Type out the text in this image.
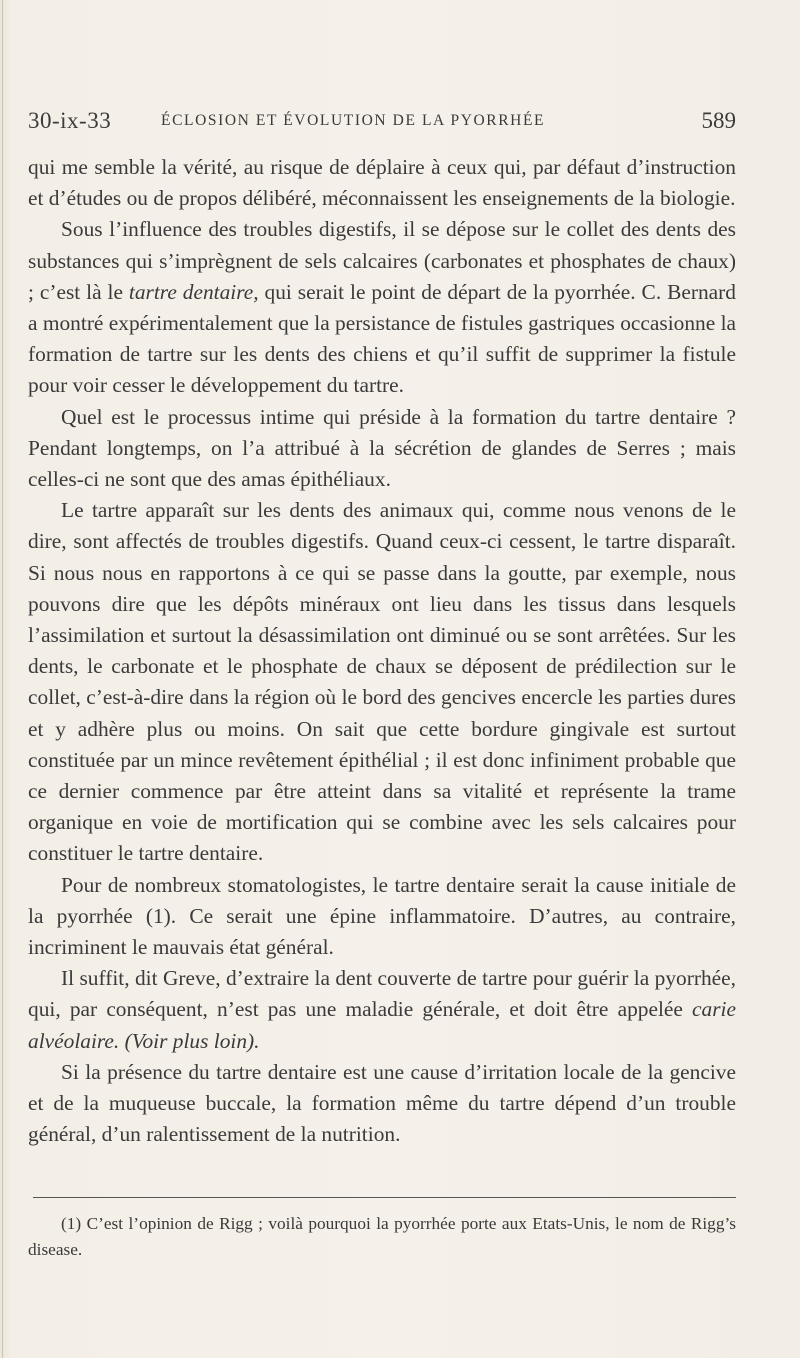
30-ix-33	ÉCLOSION ET ÉVOLUTION DE LA PYORRHÉE	589

qui me semble la vérité, au risque de déplaire à ceux qui, par défaut d’instruction et d’études ou de propos délibéré, méconnaissent les enseignements de la biologie.

Sous l’influence des troubles digestifs, il se dépose sur le collet des dents des substances qui s’imprègnent de sels calcaires (carbonates et phosphates de chaux) ; c’est là le tartre dentaire, qui serait le point de départ de la pyorrhée. C. Bernard a montré expérimentalement que la persistance de fistules gastriques occasionne la formation de tartre sur les dents des chiens et qu’il suffit de supprimer la fistule pour voir cesser le développement du tartre.

Quel est le processus intime qui préside à la formation du tartre dentaire ? Pendant longtemps, on l’a attribué à la sécrétion de glandes de Serres ; mais celles-ci ne sont que des amas épithéliaux.

Le tartre apparaît sur les dents des animaux qui, comme nous venons de le dire, sont affectés de troubles digestifs. Quand ceux-ci cessent, le tartre disparaît. Si nous nous en rapportons à ce qui se passe dans la goutte, par exemple, nous pouvons dire que les dépôts minéraux ont lieu dans les tissus dans lesquels l’assimilation et surtout la désassimilation ont diminué ou se sont arrêtées. Sur les dents, le carbonate et le phosphate de chaux se déposent de prédilection sur le collet, c’est-à-dire dans la région où le bord des gencives encercle les parties dures et y adhère plus ou moins. On sait que cette bordure gingivale est surtout constituée par un mince revêtement épithélial ; il est donc infiniment probable que ce dernier commence par être atteint dans sa vitalité et représente la trame organique en voie de mortification qui se combine avec les sels calcaires pour constituer le tartre dentaire.

Pour de nombreux stomatologistes, le tartre dentaire serait la cause initiale de la pyorrhée (1). Ce serait une épine inflammatoire. D’autres, au contraire, incriminent le mauvais état général.

Il suffit, dit Greve, d’extraire la dent couverte de tartre pour guérir la pyorrhée, qui, par conséquent, n’est pas une maladie générale, et doit être appelée carie alvéolaire. (Voir plus loin).

Si la présence du tartre dentaire est une cause d’irritation locale de la gencive et de la muqueuse buccale, la formation même du tartre dépend d’un trouble général, d’un ralentissement de la nutrition.

(1) C’est l’opinion de Rigg ; voilà pourquoi la pyorrhée porte aux Etats-Unis, le nom de Rigg’s disease.
